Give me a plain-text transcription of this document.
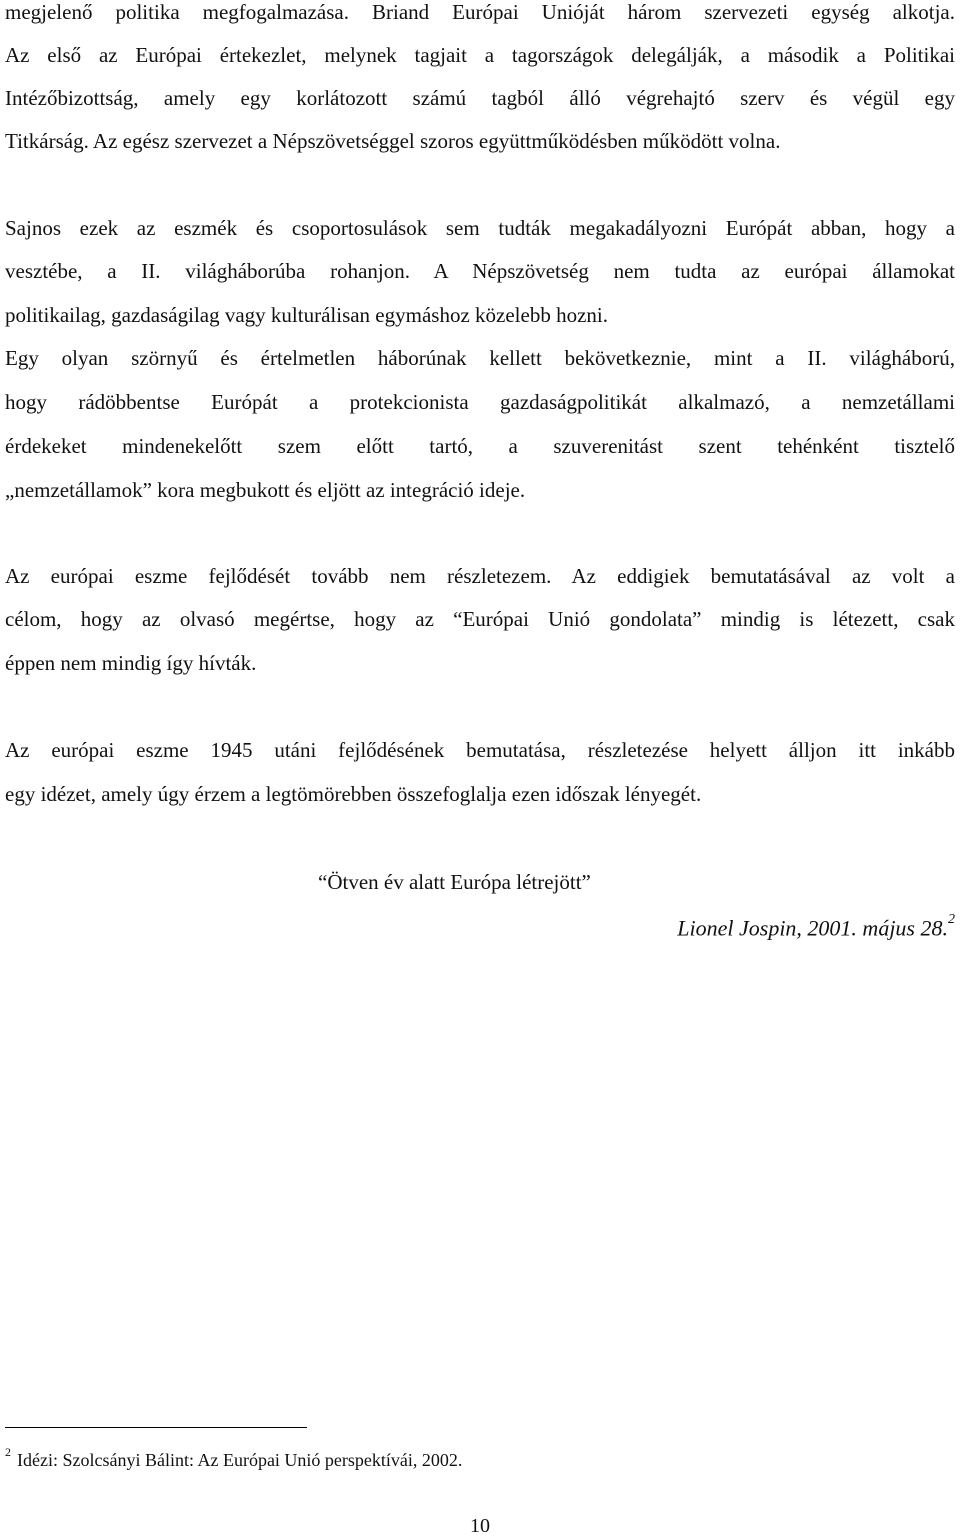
megjelenő politika megfogalmazása. Briand Európai Unióját három szervezeti egység alkotja.
Az első az Európai értekezlet, melynek tagjait a tagországok delegálják, a második a Politikai
Intézőbizottság, amely egy korlátozott számú tagból álló végrehajtó szerv és végül egy
Titkárság. Az egész szervezet a Népszövetséggel szoros együttműködésben működött volna.
Sajnos ezek az eszmék és csoportosulások sem tudták megakadályozni Európát abban, hogy a
vesztébe, a II. világháborúba rohanjon. A Népszövetség nem tudta az európai államokat
politikailag, gazdaságilag vagy kulturálisan egymáshoz közelebb hozni.
Egy olyan szörnyű és értelmetlen háborúnak kellett bekövetkeznie, mint a II. világháború,
hogy rádöbbentse Európát a protekcionista gazdaságpolitikát alkalmazó, a nemzetállami
érdekeket mindenekelőtt szem előtt tartó, a szuverenitást szent tehénként tisztelő
„nemzetállamok” kora megbukott és eljött az integráció ideje.
Az európai eszme fejlődését tovább nem részletezem. Az eddigiek bemutatásával az volt a
célom, hogy az olvasó megértse, hogy az “Európai Unió gondolata” mindig is létezett, csak
éppen nem mindig így hívták.
Az európai eszme 1945 utáni fejlődésének bemutatása, részletezése helyett álljon itt inkább
egy idézet, amely úgy érzem a legtömörebben összefoglalja ezen időszak lényegét.
“Ötven év alatt Európa létrejött”
Lionel Jospin, 2001. május 28.$^2$
$^2$ Idézi: Szolcsányi Bálint: Az Európai Unió perspektívái, 2002.
10
